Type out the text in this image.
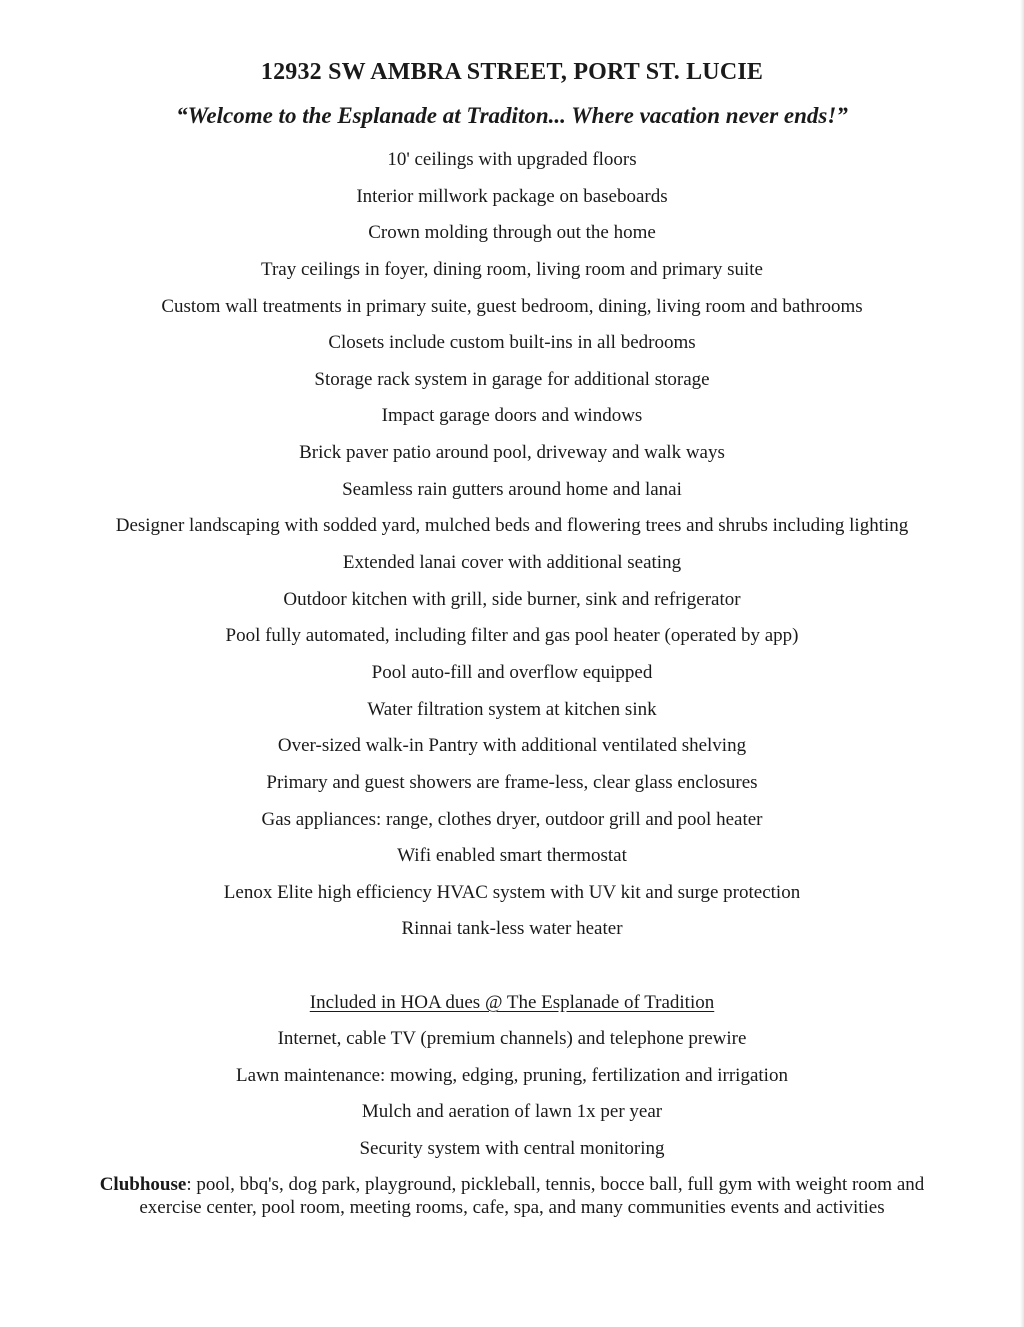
12932 SW AMBRA STREET, PORT ST. LUCIE
“Welcome to the Esplanade at Traditon... Where vacation never ends!”
10' ceilings with upgraded floors
Interior millwork package on baseboards
Crown molding through out the home
Tray ceilings in foyer, dining room, living room and primary suite
Custom wall treatments in primary suite, guest bedroom, dining, living room and bathrooms
Closets include custom built-ins in all bedrooms
Storage rack system in garage for additional storage
Impact garage doors and windows
Brick paver patio around pool, driveway and walk ways
Seamless rain gutters around home and lanai
Designer landscaping with sodded yard, mulched beds and flowering trees and shrubs including lighting
Extended lanai cover with additional seating
Outdoor kitchen with grill, side burner, sink and refrigerator
Pool fully automated, including filter and gas pool heater (operated by app)
Pool auto-fill and overflow equipped
Water filtration system at kitchen sink
Over-sized walk-in Pantry with additional ventilated shelving
Primary and guest showers are frame-less, clear glass enclosures
Gas appliances: range, clothes dryer, outdoor grill and pool heater
Wifi enabled smart thermostat
Lenox Elite high efficiency HVAC system with UV kit and surge protection
Rinnai tank-less water heater
Included in HOA dues @ The Esplanade of Tradition
Internet, cable TV (premium channels) and telephone prewire
Lawn maintenance: mowing, edging, pruning, fertilization and irrigation
Mulch and aeration of lawn 1x per year
Security system with central monitoring
Clubhouse: pool, bbq's, dog park, playground, pickleball, tennis, bocce ball, full gym with weight room and exercise center, pool room, meeting rooms, cafe, spa, and many communities events and activities
